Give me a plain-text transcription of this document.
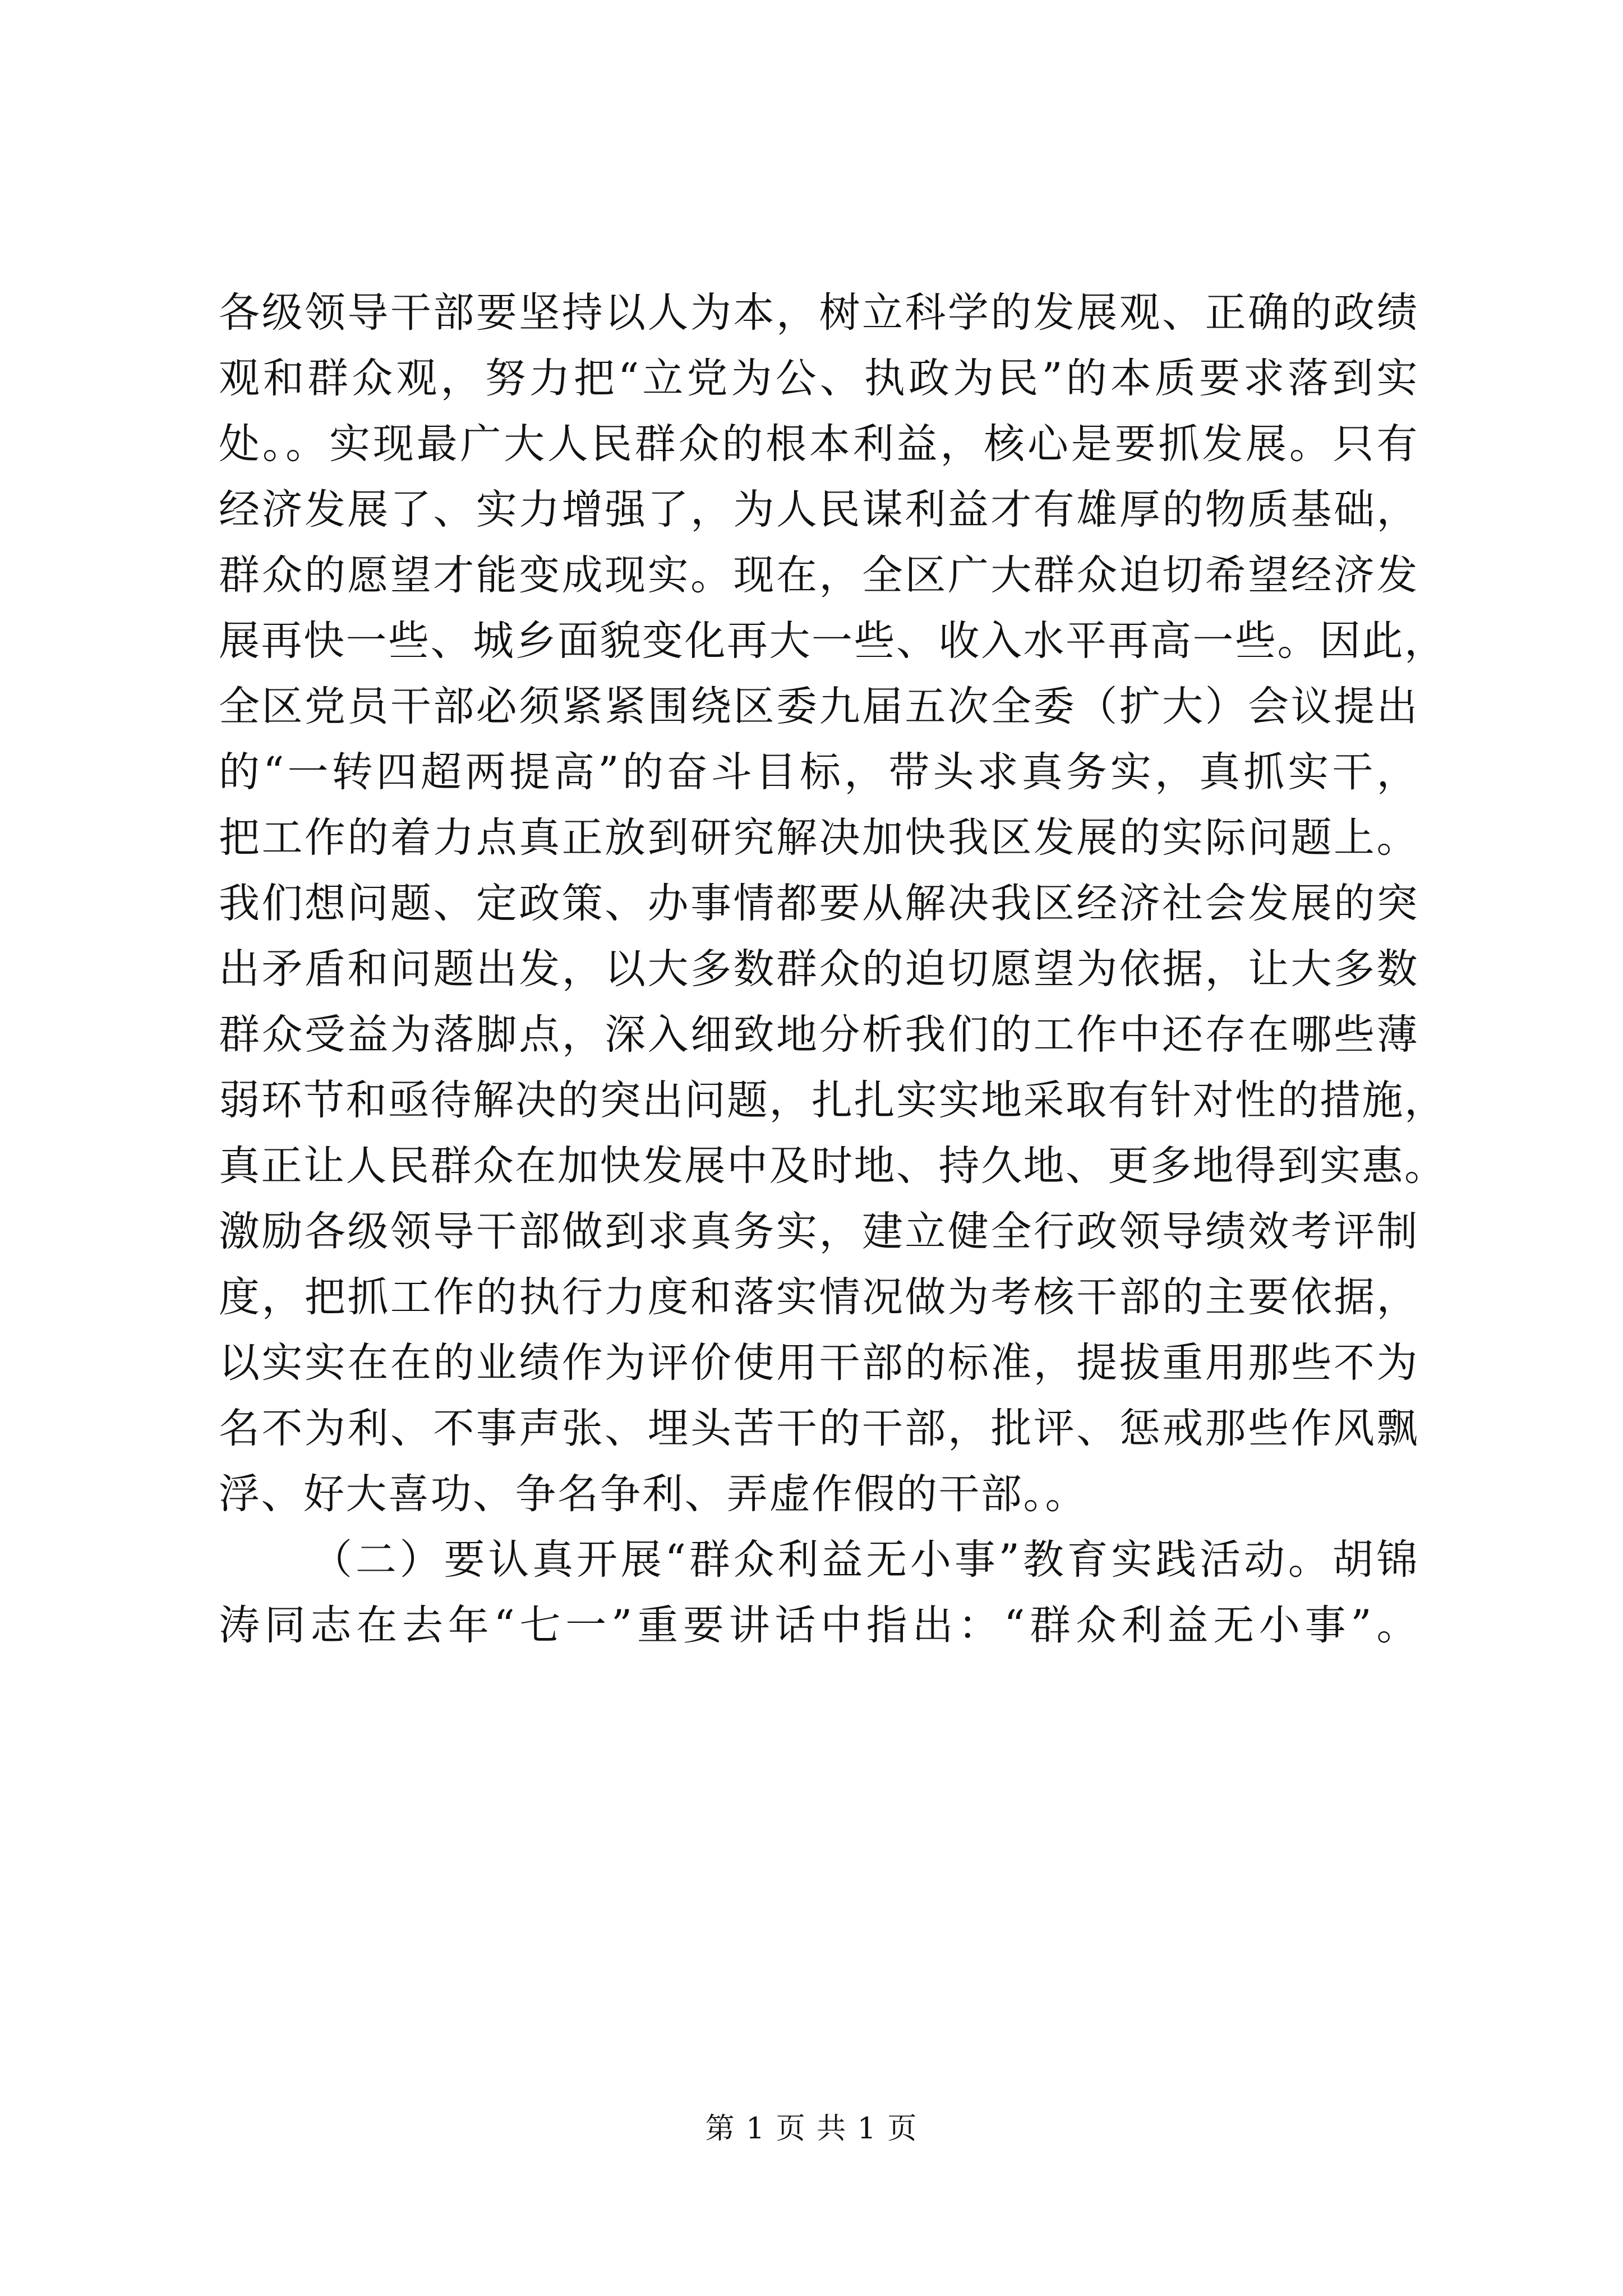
各级领导干部要坚持以人为本，树立科学的发展观、正确的政绩
观和群众观，努力把“立党为公、执政为民”的本质要求落到实
处。。实现最广大人民群众的根本利益，核心是要抓发展。只有
经济发展了、实力增强了，为人民谋利益才有雄厚的物质基础，
群众的愿望才能变成现实。现在，全区广大群众迫切希望经济发
展再快一些、城乡面貌变化再大一些、收入水平再高一些。因此，
全区党员干部必须紧紧围绕区委九届五次全委（扩大）会议提出
的“一转四超两提高”的奋斗目标，带头求真务实，真抓实干，
把工作的着力点真正放到研究解决加快我区发展的实际问题上。
我们想问题、定政策、办事情都要从解决我区经济社会发展的突
出矛盾和问题出发，以大多数群众的迫切愿望为依据，让大多数
群众受益为落脚点，深入细致地分析我们的工作中还存在哪些薄
弱环节和亟待解决的突出问题，扎扎实实地采取有针对性的措施，
真正让人民群众在加快发展中及时地、持久地、更多地得到实惠。
激励各级领导干部做到求真务实，建立健全行政领导绩效考评制
度，把抓工作的执行力度和落实情况做为考核干部的主要依据，
以实实在在的业绩作为评价使用干部的标准，提拔重用那些不为
名不为利、不事声张、埋头苦干的干部，批评、惩戒那些作风飘
浮、好大喜功、争名争利、弄虚作假的干部。。
（二）要认真开展“群众利益无小事”教育实践活动。胡锦
涛同志在去年“七一”重要讲话中指出：“群众利益无小事”。
第 1 页 共 1 页
